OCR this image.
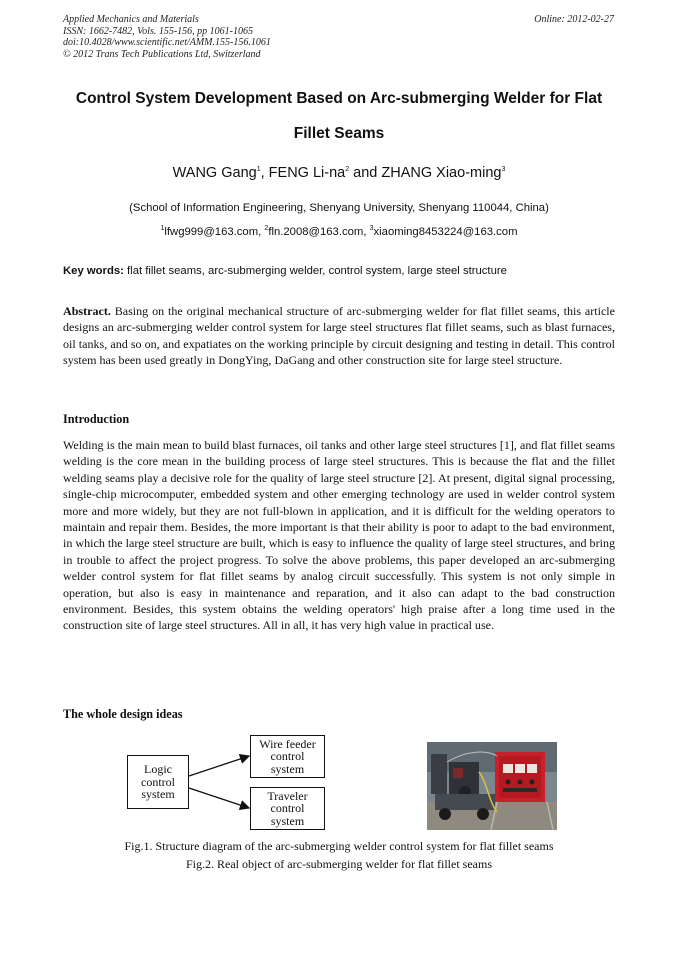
Applied Mechanics and Materials
ISSN: 1662-7482, Vols. 155-156, pp 1061-1065
doi:10.4028/www.scientific.net/AMM.155-156.1061
© 2012 Trans Tech Publications Ltd, Switzerland
Online: 2012-02-27
Control System Development Based on Arc-submerging Welder for Flat
Fillet Seams
WANG Gang$^1$, FENG $Li-na^2$ and ZHANG Xiao-ming$^3$
(School of Information Engineering, Shenyang University, Shenyang 110044, China)
$^1$lfwg999@163.com, $^2$fln.2008@163.com, $^3$xiaoming8453224@163.com
Key words: flat fillet seams, arc-submerging welder, control system, large steel structure

Abstract. Basing on the original mechanical structure of arc-submerging welder for flat fillet seams, this article designs an arc-submerging welder control system for large steel structures flat fillet seams, such as blast furnaces, oil tanks, and so on, and expatiates on the working principle by circuit designing and testing in detail. This control system has been used greatly in DongYing, DaGang and other construction site for large steel structure.

Introduction

Welding is the main mean to build blast furnaces, oil tanks and other large steel structures [1], and flat fillet seams welding is the core mean in the building process of large steel structures. This is because the flat and the fillet welding seams play a decisive role for the quality of large steel structure [2]. At present, digital signal processing, single-chip microcomputer, embedded system and other emerging technology are used in welder control system more and more widely, but they are not full-blown in application, and it is difficult for the welding operators to maintain and repair them. Besides, the more important is that their ability is poor to adapt to the bad environment, in which the large steel structure are built, which is easy to influence the quality of large steel structures, and bring in trouble to affect the project progress. To solve the above problems, this paper developed an arc-submerging welder control system for flat fillet seams by analog circuit successfully. This system is not only simple in operation, but also is easy in maintenance and reparation, and it also can adapt to the bad construction environment. Besides, this system obtains the welding operators' high praise after a long time used in the construction site of large steel structures. All in all, it has very high value in practical use.

The whole design ideas
Logic
control
system
Wire feeder
control
system
Traveler
control
system
Fig.1. Structure diagram of the arc-submerging welder control system for flat fillet seams
Fig.2. Real object of arc-submerging welder for flat fillet seams
